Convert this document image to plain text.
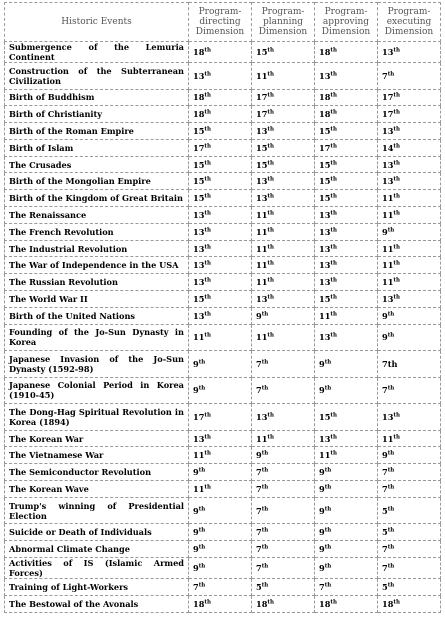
Historic Events	Program-directing Dimension	Program-planning Dimension	Program-approving Dimension	Program-executing Dimension
Submergence of the Lemuria Continent	18th	15th	18th	13th
Construction of the Subterranean Civilization	13th	11th	13th	7th
Birth of Buddhism	18th	17th	18th	17th
Birth of Christianity	18th	17th	18th	17th
Birth of the Roman Empire	15th	13th	15th	13th
Birth of Islam	17th	15th	17th	14th
The Crusades	15th	15th	15th	13th
Birth of the Mongolian Empire	15th	13th	15th	13th
Birth of the Kingdom of Great Britain	15th	13th	15th	11th
The Renaissance	13th	11th	13th	11th
The French Revolution	13th	11th	13th	9th
The Industrial Revolution	13th	11th	13th	11th
The War of Independence in the USA	13th	11th	13th	11th
The Russian Revolution	13th	11th	13th	11th
The World War II	15th	13th	15th	13th
Birth of the United Nations	13th	9th	11th	9th
Founding of the Jo-Sun Dynasty in Korea	11th	11th	13th	9th
Japanese Invasion of the Jo-Sun Dynasty (1592-98)	9th	7th	9th	7th
Japanese Colonial Period in Korea (1910-45)	9th	7th	9th	7th
The Dong-Hag Spiritual Revolution in Korea (1894)	17th	13th	15th	13th
The Korean War	13th	11th	13th	11th
The Vietnamese War	11th	9th	11th	9th
The Semiconductor Revolution	9th	7th	9th	7th
The Korean Wave	11th	7th	9th	7th
Trump's winning of Presidential Election	9th	7th	9th	5th
Suicide or Death of Individuals	9th	7th	9th	5th
Abnormal Climate Change	9th	7th	9th	7th
Activities of IS (Islamic Armed Forces)	9th	7th	9th	7th
Training of Light-Workers	7th	5th	7th	5th
The Bestowal of the Avonals	18th	18th	18th	18th
